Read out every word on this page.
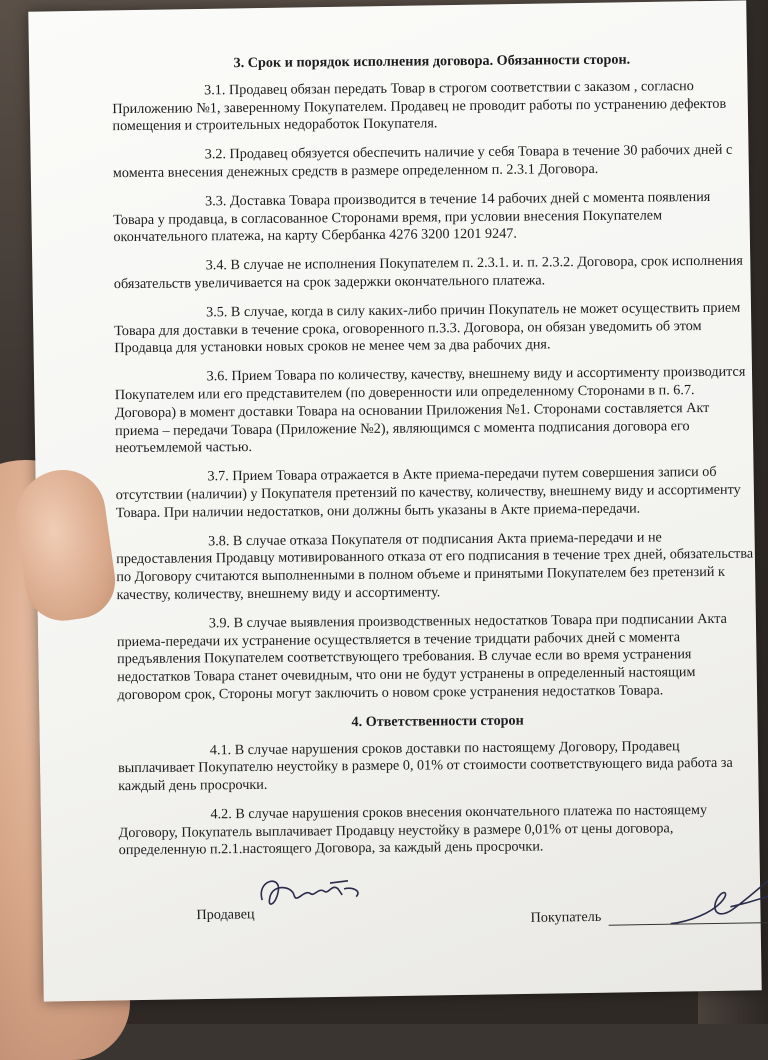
3. Срок и порядок исполнения договора. Обязанности сторон.

3.1. Продавец обязан передать Товар в строгом соответствии с заказом , согласно Приложению №1, заверенному Покупателем. Продавец не проводит работы по устранению дефектов помещения и строительных недоработок Покупателя.

3.2. Продавец обязуется обеспечить наличие у себя Товара в течение 30 рабочих дней с момента внесения денежных средств в размере определенном п. 2.3.1 Договора.

3.3. Доставка Товара производится в течение 14 рабочих дней с момента появления Товара у продавца, в согласованное Сторонами время, при условии внесения Покупателем окончательного платежа, на карту Сбербанка 4276 3200 1201 9247.

3.4. В случае не исполнения Покупателем п. 2.3.1. и. п. 2.3.2. Договора, срок исполнения обязательств увеличивается на срок задержки окончательного платежа.

3.5. В случае, когда в силу каких-либо причин Покупатель не может осуществить прием Товара для доставки в течение срока, оговоренного п.3.3. Договора, он обязан уведомить об этом Продавца для установки новых сроков не менее чем за два рабочих дня.

3.6. Прием Товара по количеству, качеству, внешнему виду и ассортименту производится Покупателем или его представителем (по доверенности или определенному Сторонами в п. 6.7. Договора) в момент доставки Товара на основании Приложения №1. Сторонами составляется Акт приема – передачи Товара (Приложение №2), являющимся с момента подписания договора его неотъемлемой частью.

3.7. Прием Товара отражается в Акте приема-передачи путем совершения записи об отсутствии (наличии) у Покупателя претензий по качеству, количеству, внешнему виду и ассортименту Товара. При наличии недостатков, они должны быть указаны в Акте приема-передачи.

3.8. В случае отказа Покупателя от подписания Акта приема-передачи и не предоставления Продавцу мотивированного отказа от его подписания в течение трех дней, обязательства по Договору считаются выполненными в полном объеме и принятыми Покупателем без претензий к качеству, количеству, внешнему виду и ассортименту.

3.9. В случае выявления производственных недостатков Товара при подписании Акта приема-передачи их устранение осуществляется в течение тридцати рабочих дней с момента предъявления Покупателем соответствующего требования. В случае если во время устранения недостатков Товара станет очевидным, что они не будут устранены в определенный настоящим договором срок, Стороны могут заключить о новом сроке устранения недостатков Товара.

4. Ответственности сторон

4.1. В случае нарушения сроков доставки по настоящему Договору, Продавец выплачивает Покупателю неустойку в размере 0, 01% от стоимости соответствующего вида работа за каждый день просрочки.

4.2. В случае нарушения сроков внесения окончательного платежа по настоящему Договору, Покупатель выплачивает Продавцу неустойку в размере 0,01% от цены договора, определенную п.2.1.настоящего Договора, за каждый день просрочки.

Продавец	Покупатель
